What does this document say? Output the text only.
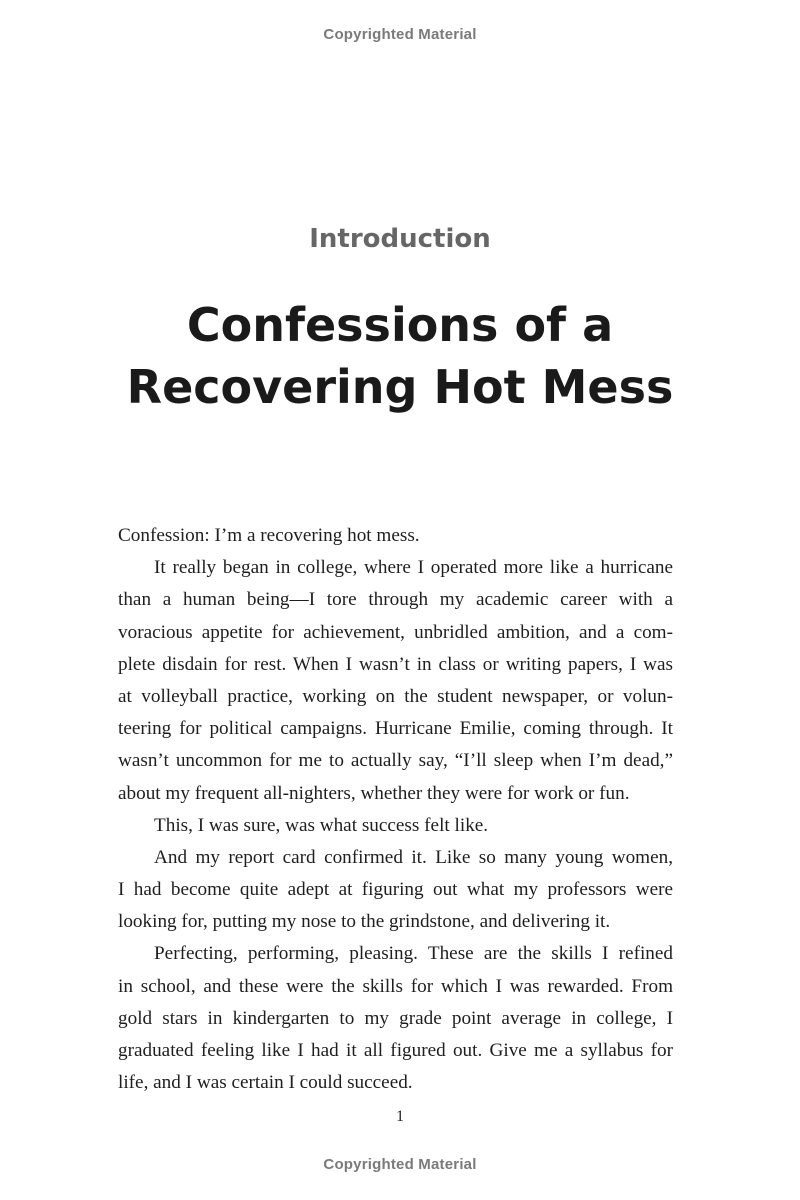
Copyrighted Material
Introduction
Confessions of a
Recovering Hot Mess
Confession: I’m a recovering hot mess.
It really began in college, where I operated more like a hurricane
than a human being—I tore through my academic career with a
voracious appetite for achievement, unbridled ambition, and a com-
plete disdain for rest. When I wasn’t in class or writing papers, I was
at volleyball practice, working on the student newspaper, or volun-
teering for political campaigns. Hurricane Emilie, coming through. It
wasn’t uncommon for me to actually say, “I’ll sleep when I’m dead,”
about my frequent all-nighters, whether they were for work or fun.
This, I was sure, was what success felt like.
And my report card confirmed it. Like so many young women,
I had become quite adept at figuring out what my professors were
looking for, putting my nose to the grindstone, and delivering it.
Perfecting, performing, pleasing. These are the skills I refined
in school, and these were the skills for which I was rewarded. From
gold stars in kindergarten to my grade point average in college, I
graduated feeling like I had it all figured out. Give me a syllabus for
life, and I was certain I could succeed.
1
Copyrighted Material
